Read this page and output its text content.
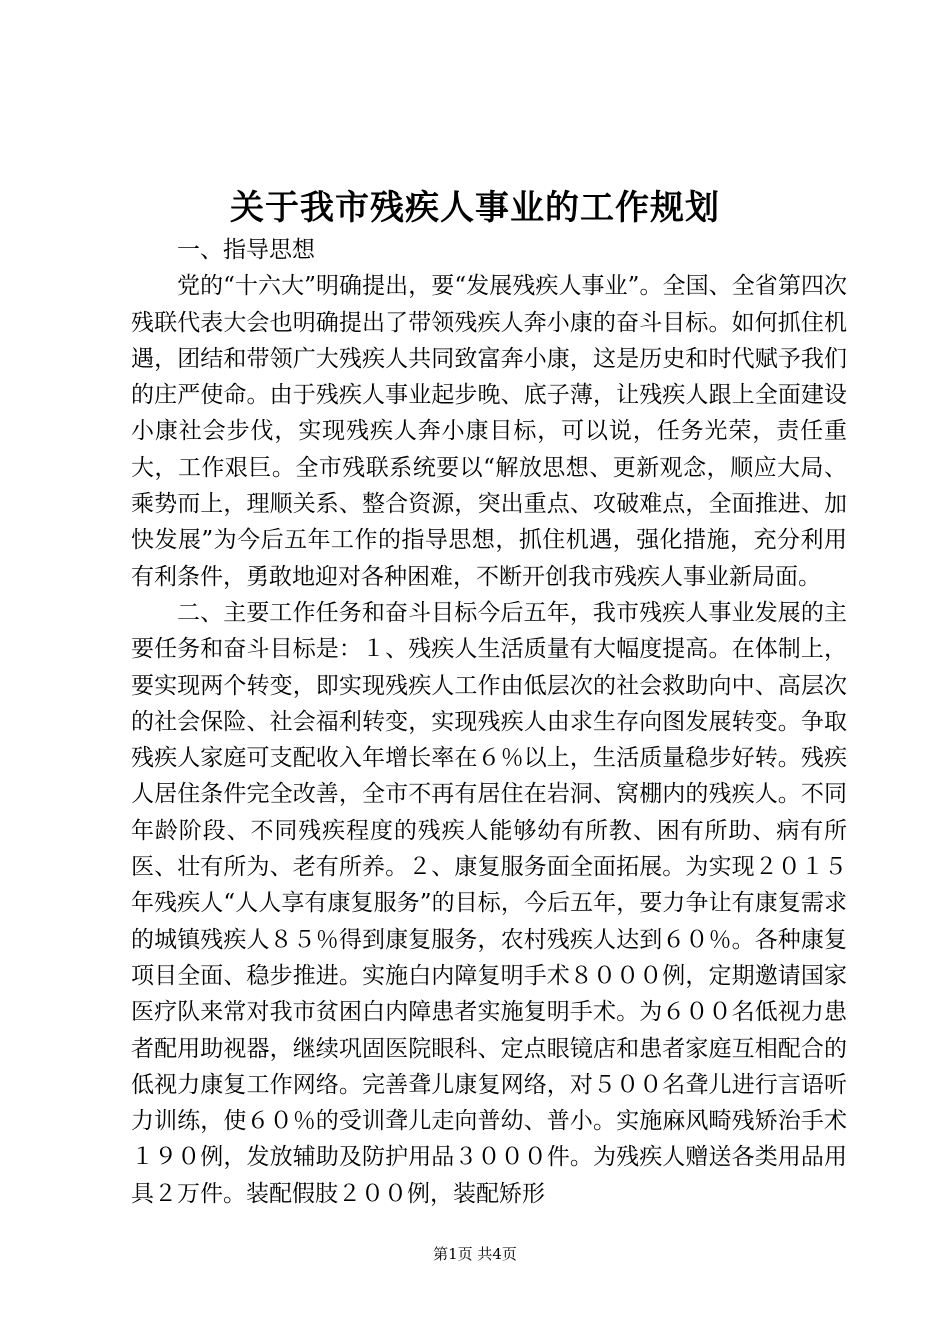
关于我市残疾人事业的工作规划

一、指导思想

党的“十六大”明确提出，要“发展残疾人事业”。全国、全省第四次残联代表大会也明确提出了带领残疾人奔小康的奋斗目标。如何抓住机遇，团结和带领广大残疾人共同致富奔小康，这是历史和时代赋予我们的庄严使命。由于残疾人事业起步晚、底子薄，让残疾人跟上全面建设小康社会步伐，实现残疾人奔小康目标，可以说，任务光荣，责任重大，工作艰巨。全市残联系统要以“解放思想、更新观念，顺应大局、乘势而上，理顺关系、整合资源，突出重点、攻破难点，全面推进、加快发展”为今后五年工作的指导思想，抓住机遇，强化措施，充分利用有利条件，勇敢地迎对各种困难，不断开创我市残疾人事业新局面。

二、主要工作任务和奋斗目标今后五年，我市残疾人事业发展的主要任务和奋斗目标是：１、残疾人生活质量有大幅度提高。在体制上，要实现两个转变，即实现残疾人工作由低层次的社会救助向中、高层次的社会保险、社会福利转变，实现残疾人由求生存向图发展转变。争取残疾人家庭可支配收入年增长率在６％以上，生活质量稳步好转。残疾人居住条件完全改善，全市不再有居住在岩洞、窝棚内的残疾人。不同年龄阶段、不同残疾程度的残疾人能够幼有所教、困有所助、病有所医、壮有所为、老有所养。２、康复服务面全面拓展。为实现２０１５年残疾人“人人享有康复服务”的目标，今后五年，要力争让有康复需求的城镇残疾人８５％得到康复服务，农村残疾人达到６０％。各种康复项目全面、稳步推进。实施白内障复明手术８０００例，定期邀请国家医疗队来常对我市贫困白内障患者实施复明手术。为６００名低视力患者配用助视器，继续巩固医院眼科、定点眼镜店和患者家庭互相配合的低视力康复工作网络。完善聋儿康复网络，对５００名聋儿进行言语听力训练，使６０％的受训聋儿走向普幼、普小。实施麻风畸残矫治手术１９０例，发放辅助及防护用品３０００件。为残疾人赠送各类用品用具２万件。装配假肢２００例，装配矫形

第1页 共4页
